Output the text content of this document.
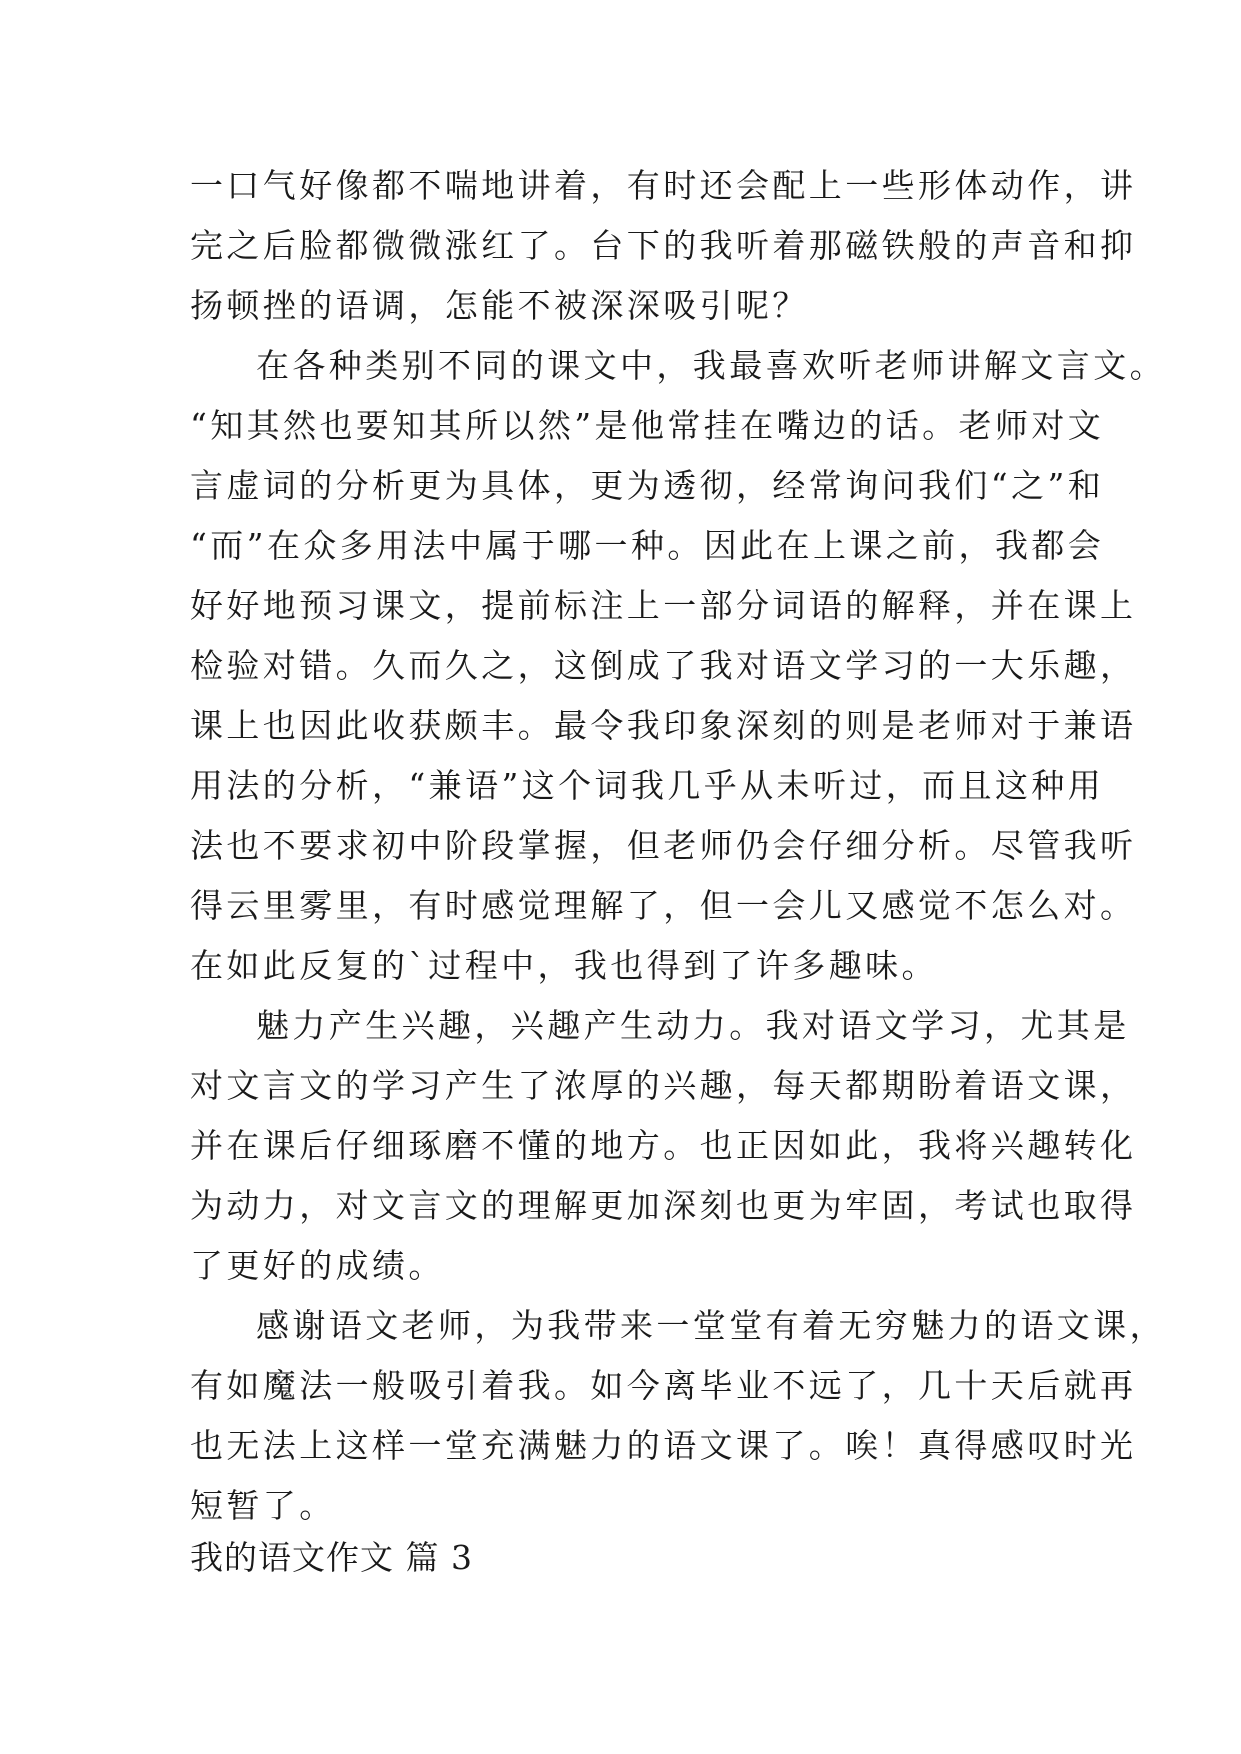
一口气好像都不喘地讲着，有时还会配上一些形体动作，讲
完之后脸都微微涨红了。台下的我听着那磁铁般的声音和抑
扬顿挫的语调，怎能不被深深吸引呢？
在各种类别不同的课文中，我最喜欢听老师讲解文言文。
“知其然也要知其所以然”是他常挂在嘴边的话。老师对文
言虚词的分析更为具体，更为透彻，经常询问我们“之”和
“而”在众多用法中属于哪一种。因此在上课之前，我都会
好好地预习课文，提前标注上一部分词语的解释，并在课上
检验对错。久而久之，这倒成了我对语文学习的一大乐趣，
课上也因此收获颇丰。最令我印象深刻的则是老师对于兼语
用法的分析，“兼语”这个词我几乎从未听过，而且这种用
法也不要求初中阶段掌握，但老师仍会仔细分析。尽管我听
得云里雾里，有时感觉理解了，但一会儿又感觉不怎么对。
在如此反复的`过程中，我也得到了许多趣味。
魅力产生兴趣，兴趣产生动力。我对语文学习，尤其是
对文言文的学习产生了浓厚的兴趣，每天都期盼着语文课，
并在课后仔细琢磨不懂的地方。也正因如此，我将兴趣转化
为动力，对文言文的理解更加深刻也更为牢固，考试也取得
了更好的成绩。
感谢语文老师，为我带来一堂堂有着无穷魅力的语文课，
有如魔法一般吸引着我。如今离毕业不远了，几十天后就再
也无法上这样一堂充满魅力的语文课了。唉！真得感叹时光
短暂了。
我的语文作文 篇 3
